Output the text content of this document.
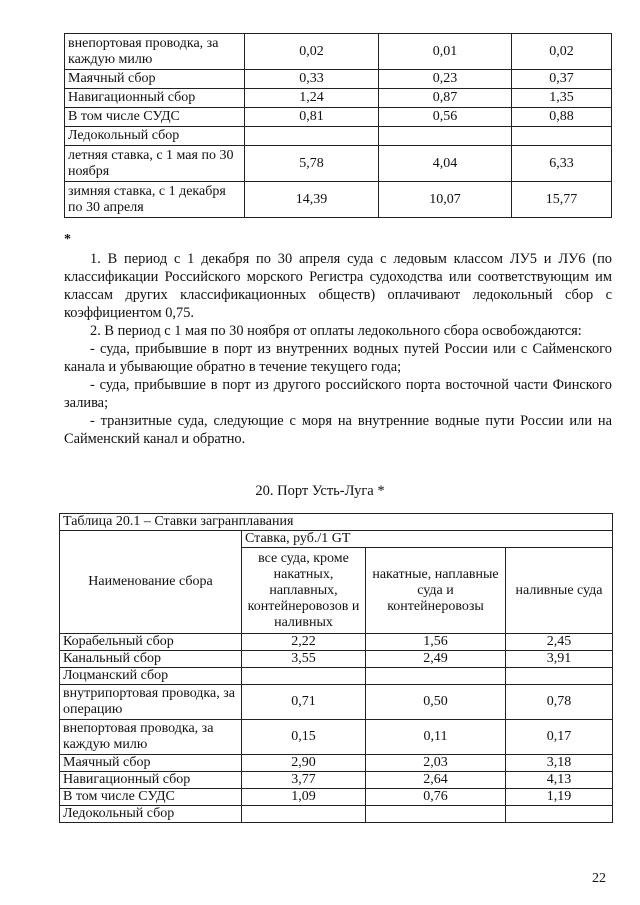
внепортовая проводка, за каждую милю	0,02	0,01	0,02
Маячный сбор	0,33	0,23	0,37
Навигационный сбор	1,24	0,87	1,35
В том числе СУДС	0,81	0,56	0,88
Ледокольный сбор			
летняя ставка, с 1 мая по 30 ноября	5,78	4,04	6,33
зимняя ставка, с 1 декабря по 30 апреля	14,39	10,07	15,77
*

1. В период с 1 декабря по 30 апреля суда с ледовым классом ЛУ5 и ЛУ6 (по классификации Российского морского Регистра судоходства или соответствующим им классам других классификационных обществ) оплачивают ледокольный сбор с коэффициентом 0,75.

2. В период с 1 мая по 30 ноября от оплаты ледокольного сбора освобождаются:

- суда, прибывшие в порт из внутренних водных путей России или с Сайменского канала и убывающие обратно в течение текущего года;

- суда, прибывшие в порт из другого российского порта восточной части Финского залива;

- транзитные суда, следующие с моря на внутренние водные пути России или на Сайменский канал и обратно.

20. Порт Усть-Луга *
Таблица 20.1 – Ставки загранплавания			
Наименование сбора	Ставка, руб./1 GT		
	все суда, кроме накатных, наплавных, контейнеровозов и наливных	накатные, наплавные суда и контейнеровозы	наливные суда
Корабельный сбор	2,22	1,56	2,45
Канальный сбор	3,55	2,49	3,91
Лоцманский сбор			
внутрипортовая проводка, за операцию	0,71	0,50	0,78
внепортовая проводка, за каждую милю	0,15	0,11	0,17
Маячный сбор	2,90	2,03	3,18
Навигационный сбор	3,77	2,64	4,13
В том числе СУДС	1,09	0,76	1,19
Ледокольный сбор			
22
